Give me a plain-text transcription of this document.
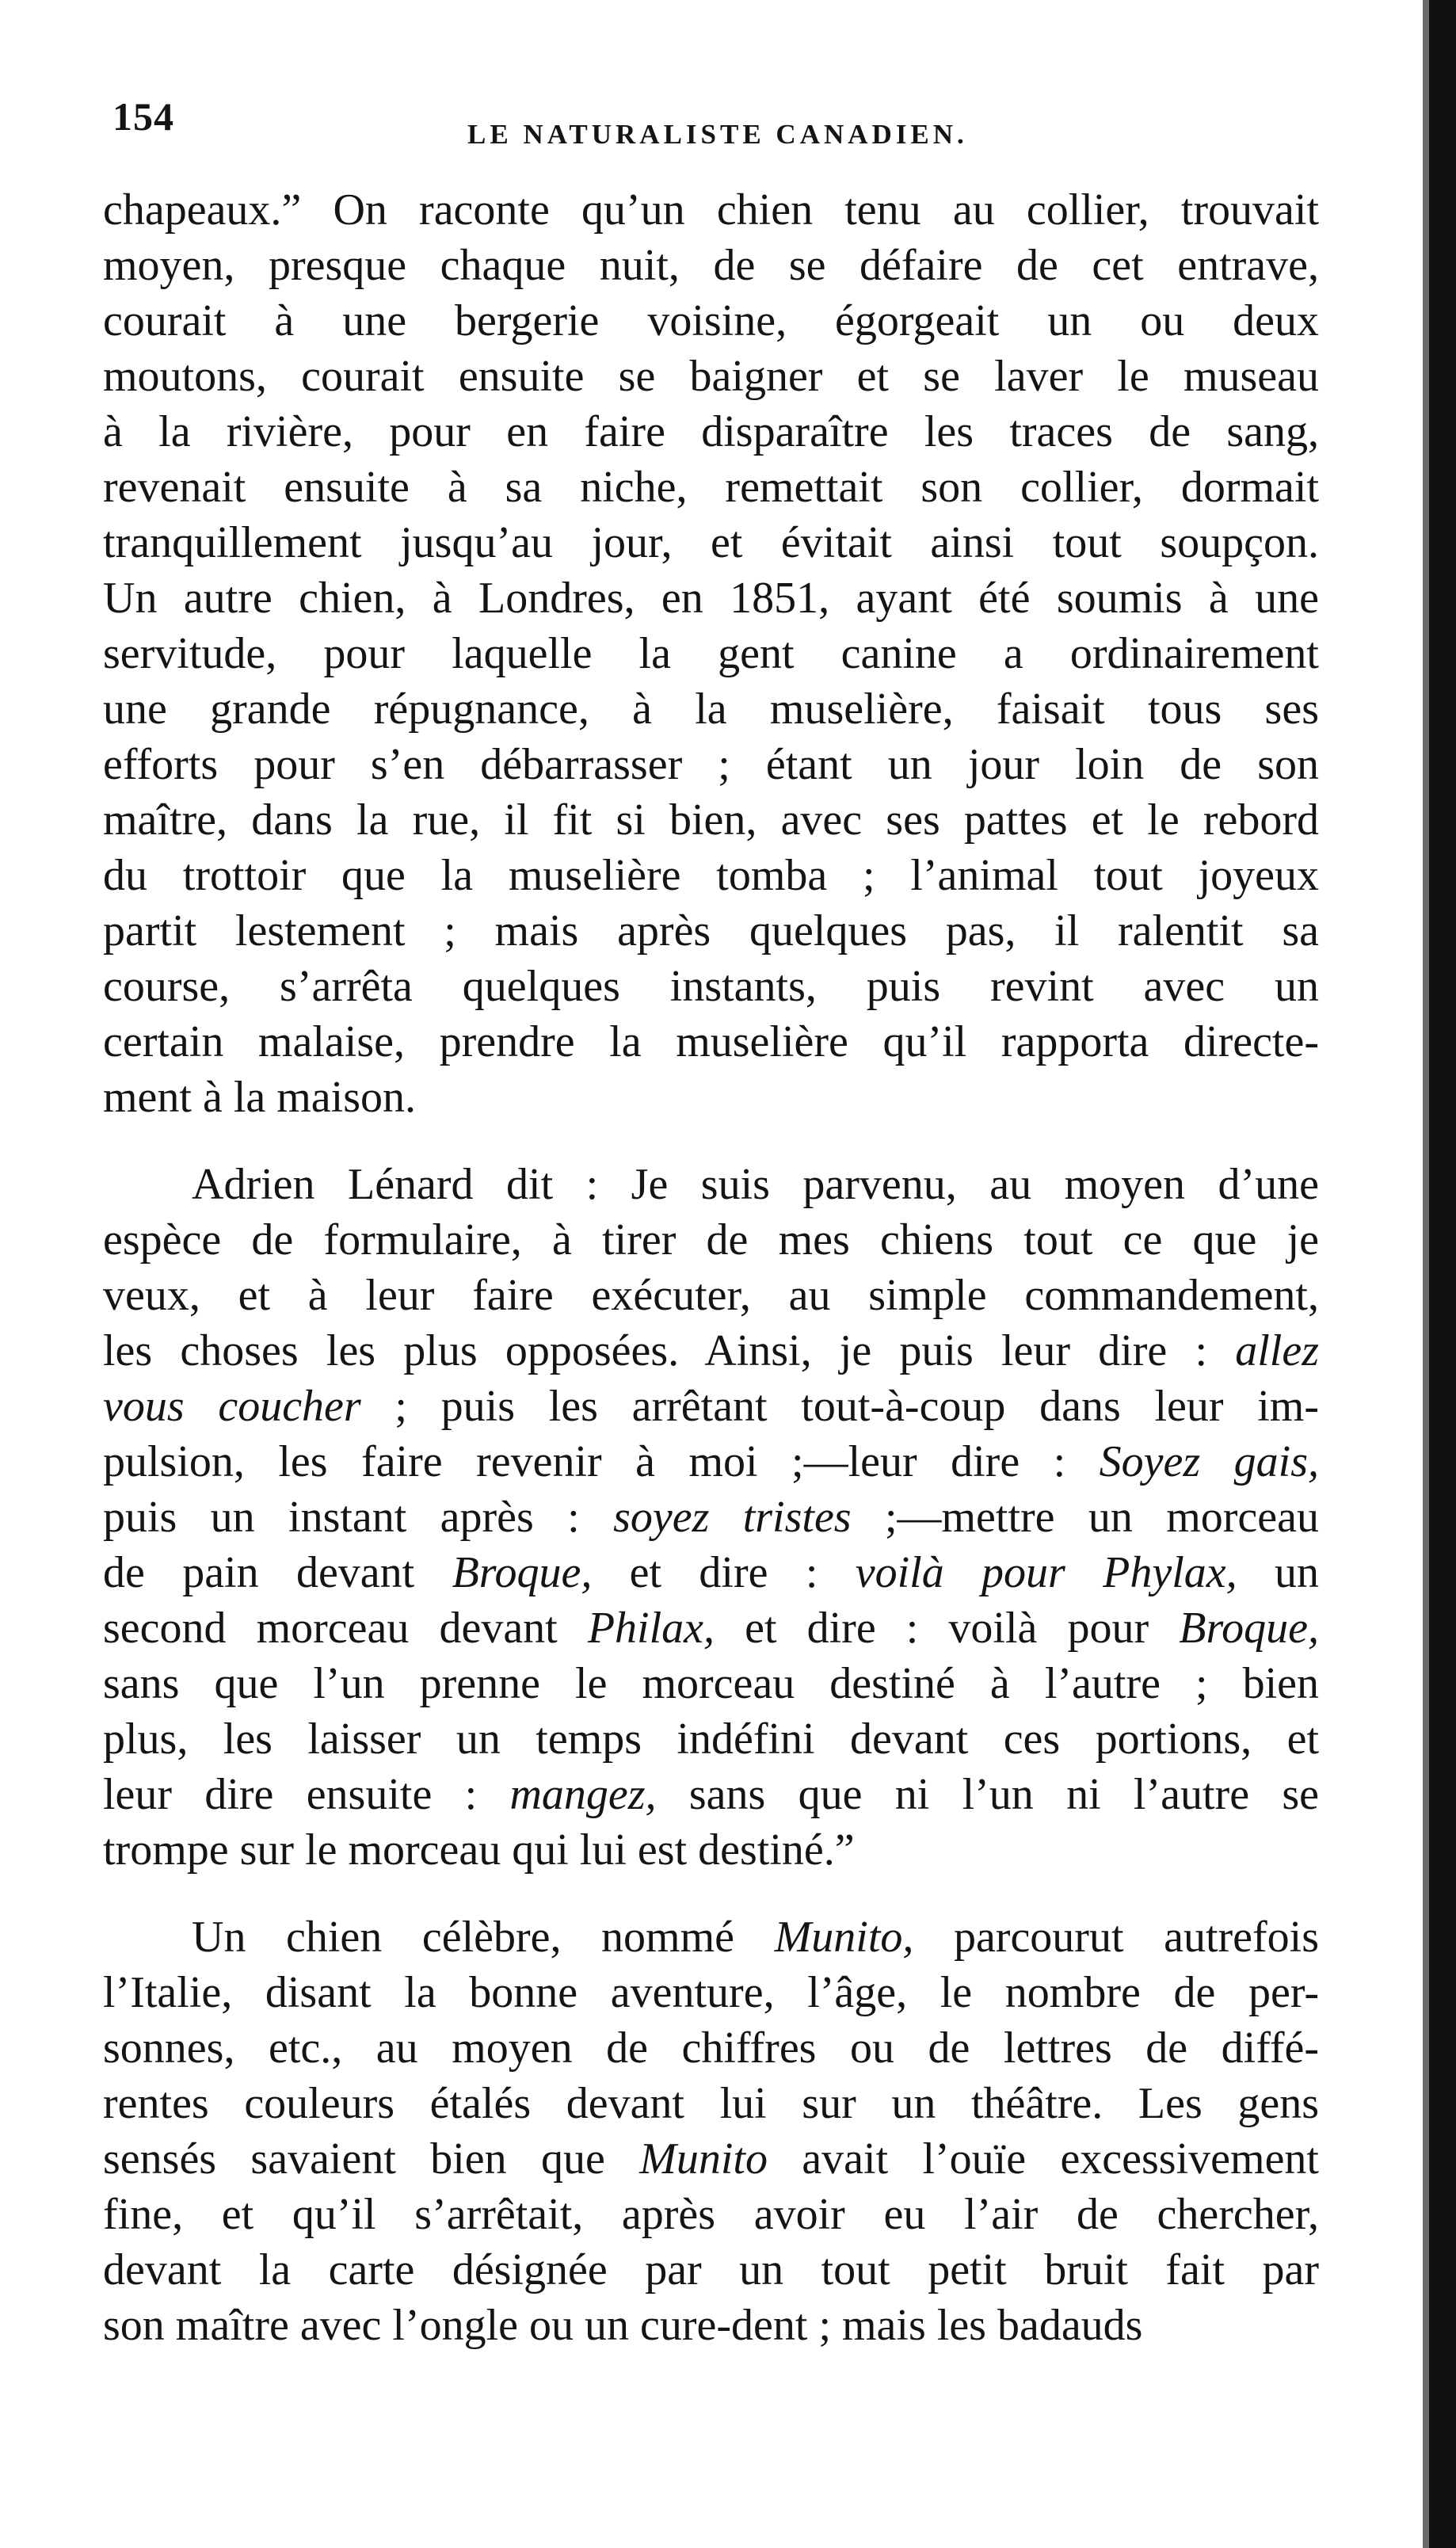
154	LE NATURALISTE CANADIEN.
chapeaux.” On raconte qu’un chien tenu au collier, trouvait
moyen, presque chaque nuit, de se défaire de cet entrave,
courait à une bergerie voisine, égorgeait un ou deux
moutons, courait ensuite se baigner et se laver le museau
à la rivière, pour en faire disparaître les traces de sang,
revenait ensuite à sa niche, remettait son collier, dormait
tranquillement jusqu’au jour, et évitait ainsi tout soupçon.
Un autre chien, à Londres, en 1851, ayant été soumis à une
servitude, pour laquelle la gent canine a ordinairement
une grande répugnance, à la muselière, faisait tous ses
efforts pour s’en débarrasser ; étant un jour loin de son
maître, dans la rue, il fit si bien, avec ses pattes et le rebord
du trottoir que la muselière tomba ; l’animal tout joyeux
partit lestement ; mais après quelques pas, il ralentit sa
course, s’arrêta quelques instants, puis revint avec un
certain malaise, prendre la muselière qu’il rapporta directe-
ment à la maison.
Adrien Lénard dit : Je suis parvenu, au moyen d’une
espèce de formulaire, à tirer de mes chiens tout ce que je
veux, et à leur faire exécuter, au simple commandement,
les choses les plus opposées. Ainsi, je puis leur dire : allez
vous coucher ; puis les arrêtant tout-à-coup dans leur im-
pulsion, les faire revenir à moi ;—leur dire : Soyez gais,
puis un instant après : soyez tristes ;—mettre un morceau
de pain devant Broque, et dire : voilà pour Phylax, un
second morceau devant Philax, et dire : voilà pour Broque,
sans que l’un prenne le morceau destiné à l’autre ; bien
plus, les laisser un temps indéfini devant ces portions, et
leur dire ensuite : mangez, sans que ni l’un ni l’autre se
trompe sur le morceau qui lui est destiné.”
Un chien célèbre, nommé Munito, parcourut autrefois
l’Italie, disant la bonne aventure, l’âge, le nombre de per-
sonnes, etc., au moyen de chiffres ou de lettres de diffé-
rentes couleurs étalés devant lui sur un théâtre. Les gens
sensés savaient bien que Munito avait l’ouïe excessivement
fine, et qu’il s’arrêtait, après avoir eu l’air de chercher,
devant la carte désignée par un tout petit bruit fait par
son maître avec l’ongle ou un cure-dent ; mais les badauds
